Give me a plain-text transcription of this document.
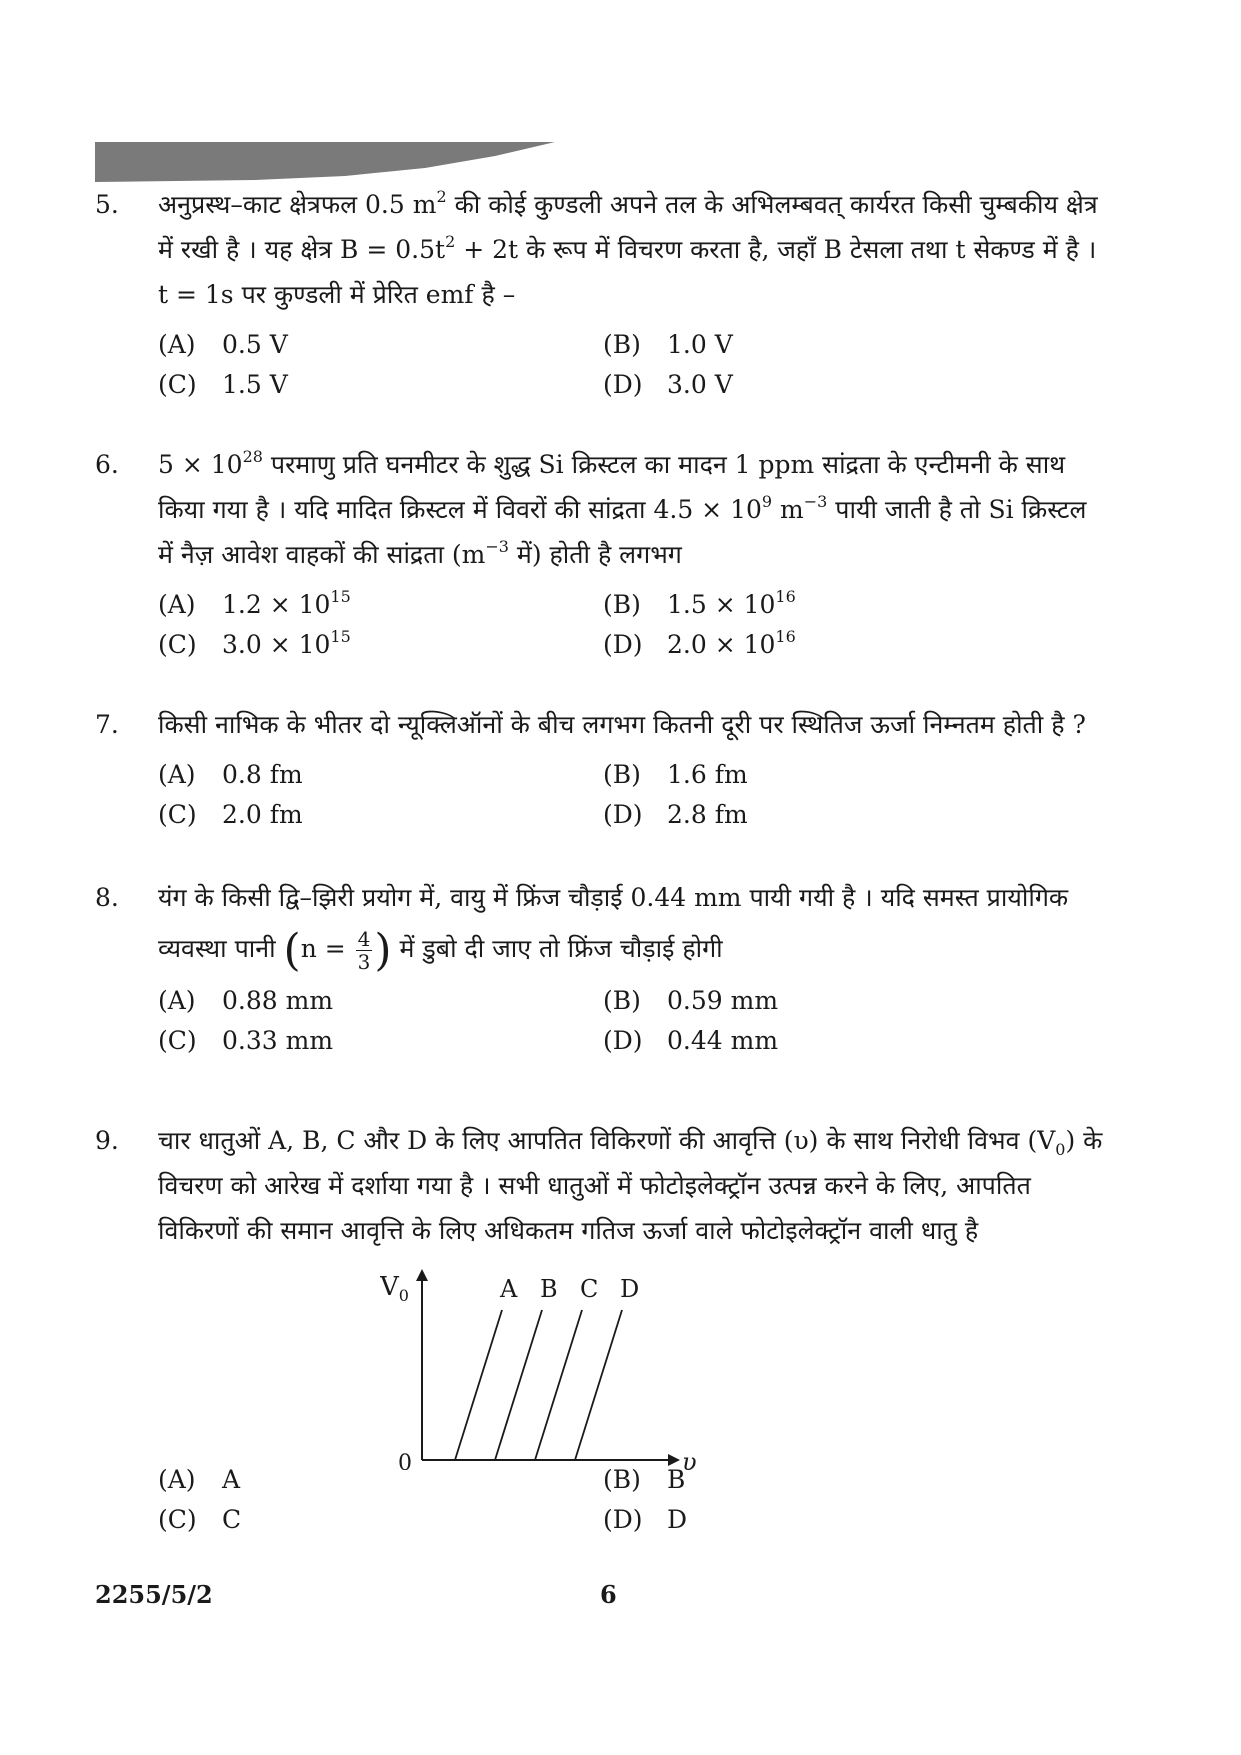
5.	अनुप्रस्थ–काट क्षेत्रफल 0.5 $m^2$ की कोई कुण्डली अपने तल के अभिलम्बवत् कार्यरत किसी चुम्बकीय क्षेत्र में रखी है । यह क्षेत्र $B = 0.5t^2 + 2t$ के रूप में विचरण करता है, जहाँ B टेसला तथा t सेकण्ड में है । t = 1s पर कुण्डली में प्रेरित emf है –
(A) 0.5 V	(B) 1.0 V
(C) 1.5 V	(D) 3.0 V
6.	$5 \times 10^{28}$ परमाणु प्रति घनमीटर के शुद्ध Si क्रिस्टल का मादन 1 ppm सांद्रता के एन्टीमनी के साथ किया गया है । यदि मादित क्रिस्टल में विवरों की सांद्रता $4.5 \times 10^9$ $m^{-3}$ पायी जाती है तो Si क्रिस्टल में नैज़ आवेश वाहकों की सांद्रता ($m^{-3}$ में) होती है लगभग
(A) $1.2 \times 10^{15}$	(B) $1.5 \times 10^{16}$
(C) $3.0 \times 10^{15}$	(D) $2.0 \times 10^{16}$
7.	किसी नाभिक के भीतर दो न्यूक्लिऑनों के बीच लगभग कितनी दूरी पर स्थितिज ऊर्जा निम्नतम होती है ?
(A) 0.8 fm	(B) 1.6 fm
(C) 2.0 fm	(D) 2.8 fm
8.	यंग के किसी द्वि–झिरी प्रयोग में, वायु में फ्रिंज चौड़ाई 0.44 mm पायी गयी है । यदि समस्त प्रायोगिक
व्यवस्था पानी ($n = \frac{4}{3}$ ) में डुबो दी जाए तो फ्रिंज चौड़ाई होगी
(A) 0.88 mm	(B) 0.59 mm
(C) 0.33 mm	(D) 0.44 mm
9.	चार धातुओं A, B, C और D के लिए आपतित विकिरणों की आवृत्ति (υ) के साथ निरोधी विभव $(V_0)$ के विचरण को आरेख में दर्शाया गया है । सभी धातुओं में फोटोइलेक्ट्रॉन उत्पन्न करने के लिए, आपतित विकिरणों की समान आवृत्ति के लिए अधिकतम गतिज ऊर्जा वाले फोटोइलेक्ट्रॉन वाली धातु है
$V_0$
υ
0
A B C D
(A) A	(B) B
(C) C	(D) D
2255/5/2	6
